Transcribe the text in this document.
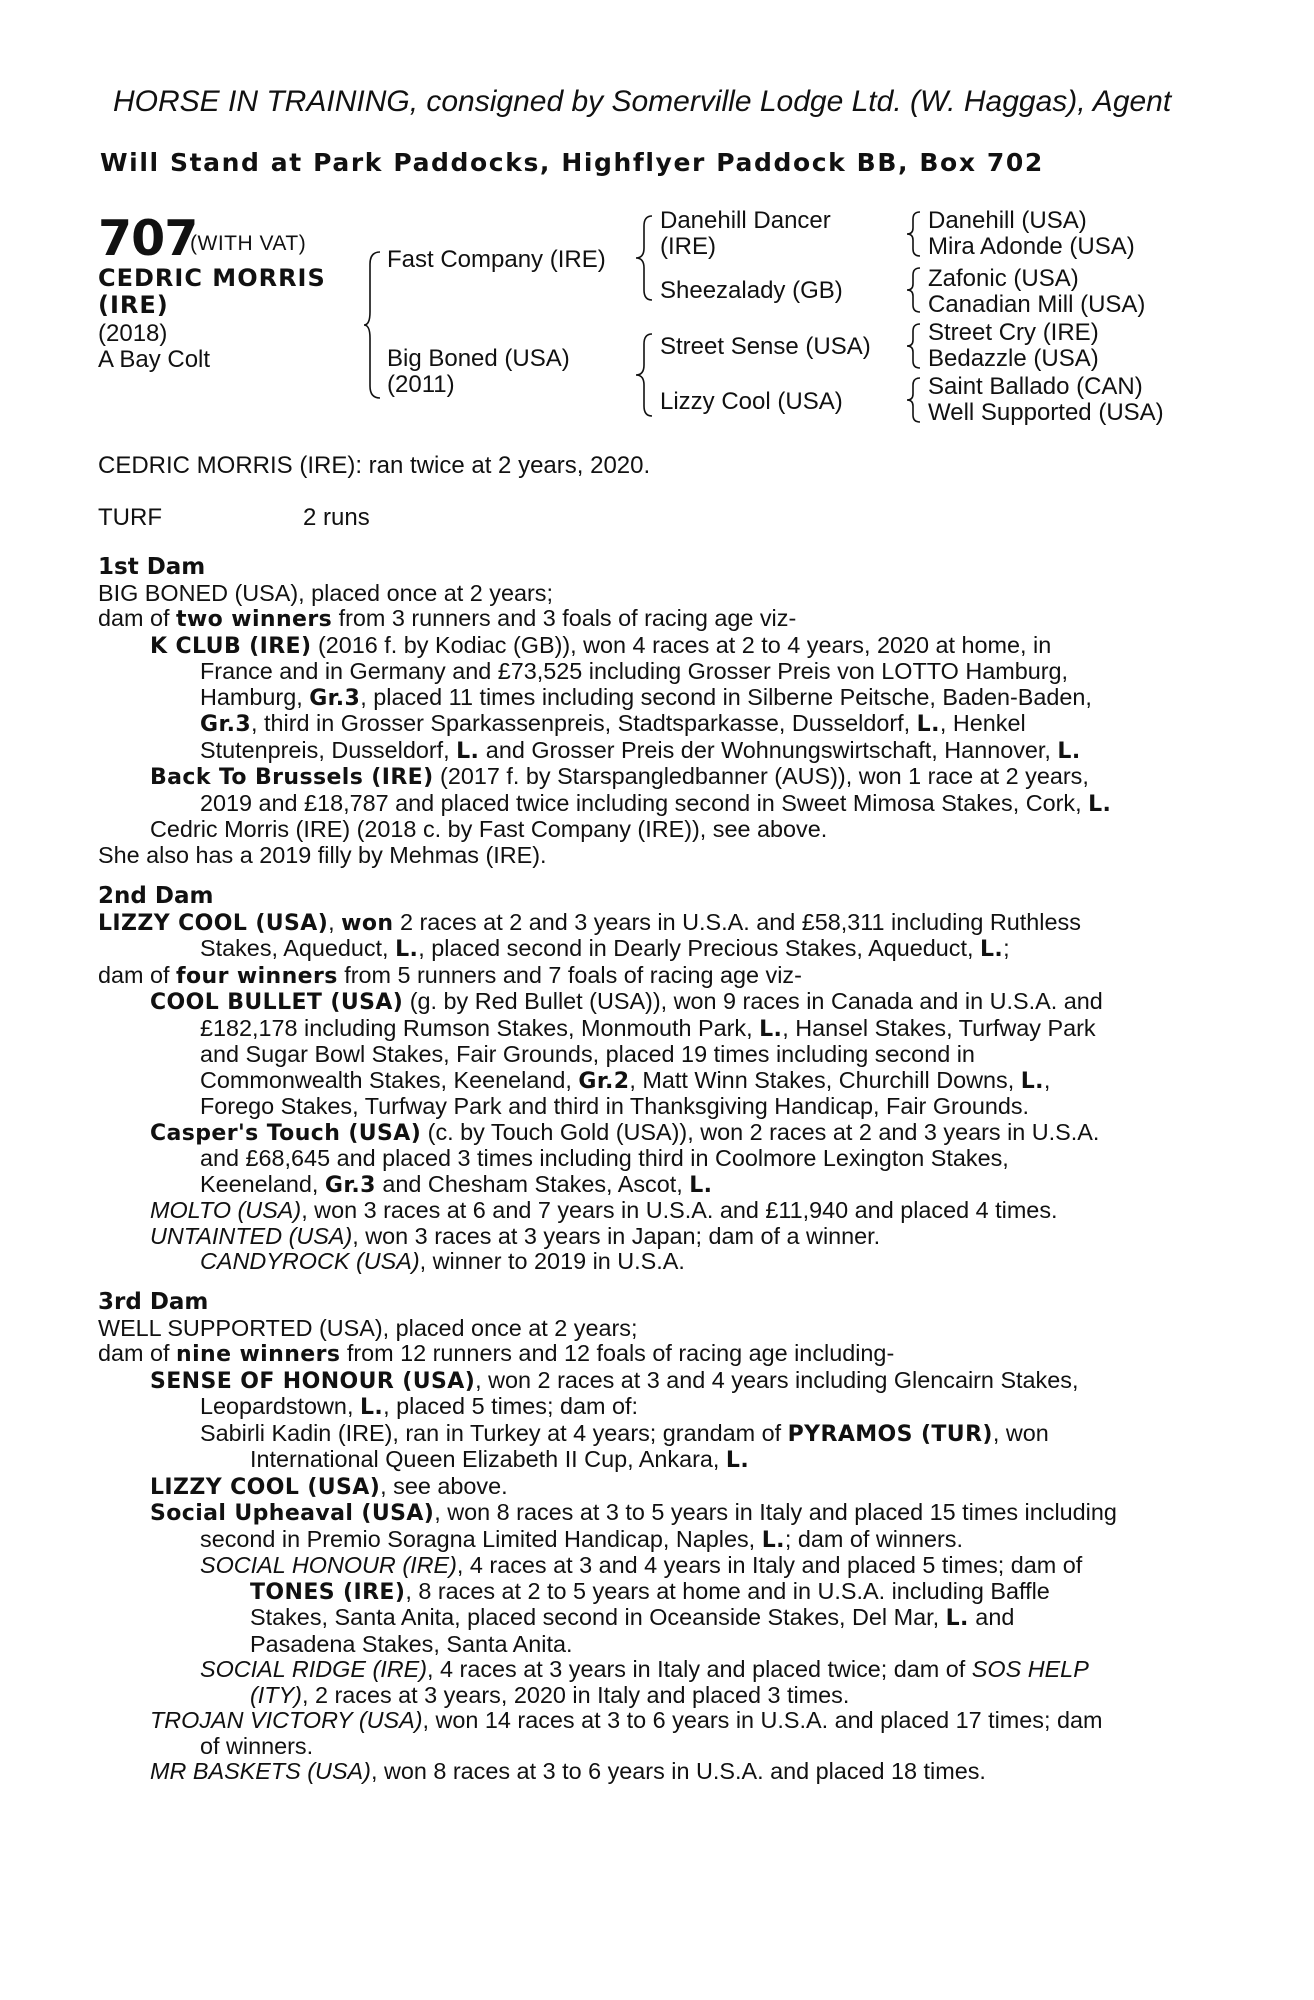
HORSE IN TRAINING, consigned by Somerville Lodge Ltd. (W. Haggas), Agent
Will Stand at Park Paddocks, Highflyer Paddock BB, Box 702
707
(WITH VAT)
CEDRIC MORRIS
(IRE)
(2018)
A Bay Colt
Fast Company (IRE)
Big Boned (USA)
(2011)
Danehill Dancer
(IRE)
Sheezalady (GB)
Street Sense (USA)
Lizzy Cool (USA)
Danehill (USA)
Mira Adonde (USA)
Zafonic (USA)
Canadian Mill (USA)
Street Cry (IRE)
Bedazzle (USA)
Saint Ballado (CAN)
Well Supported (USA)
CEDRIC MORRIS (IRE): ran twice at 2 years, 2020.
TURF	2 runs
1st Dam
BIG BONED (USA), placed once at 2 years;
dam of two winners from 3 runners and 3 foals of racing age viz-
K CLUB (IRE) (2016 f. by Kodiac (GB)), won 4 races at 2 to 4 years, 2020 at home, in
France and in Germany and £73,525 including Grosser Preis von LOTTO Hamburg,
Hamburg, Gr.3, placed 11 times including second in Silberne Peitsche, Baden-Baden,
Gr.3, third in Grosser Sparkassenpreis, Stadtsparkasse, Dusseldorf, L., Henkel
Stutenpreis, Dusseldorf, L. and Grosser Preis der Wohnungswirtschaft, Hannover, L.
Back To Brussels (IRE) (2017 f. by Starspangledbanner (AUS)), won 1 race at 2 years,
2019 and £18,787 and placed twice including second in Sweet Mimosa Stakes, Cork, L.
Cedric Morris (IRE) (2018 c. by Fast Company (IRE)), see above.
She also has a 2019 filly by Mehmas (IRE).
2nd Dam
LIZZY COOL (USA), won 2 races at 2 and 3 years in U.S.A. and £58,311 including Ruthless
Stakes, Aqueduct, L., placed second in Dearly Precious Stakes, Aqueduct, L.;
dam of four winners from 5 runners and 7 foals of racing age viz-
COOL BULLET (USA) (g. by Red Bullet (USA)), won 9 races in Canada and in U.S.A. and
£182,178 including Rumson Stakes, Monmouth Park, L., Hansel Stakes, Turfway Park
and Sugar Bowl Stakes, Fair Grounds, placed 19 times including second in
Commonwealth Stakes, Keeneland, Gr.2, Matt Winn Stakes, Churchill Downs, L.,
Forego Stakes, Turfway Park and third in Thanksgiving Handicap, Fair Grounds.
Casper's Touch (USA) (c. by Touch Gold (USA)), won 2 races at 2 and 3 years in U.S.A.
and £68,645 and placed 3 times including third in Coolmore Lexington Stakes,
Keeneland, Gr.3 and Chesham Stakes, Ascot, L.
MOLTO (USA), won 3 races at 6 and 7 years in U.S.A. and £11,940 and placed 4 times.
UNTAINTED (USA), won 3 races at 3 years in Japan; dam of a winner.
CANDYROCK (USA), winner to 2019 in U.S.A.
3rd Dam
WELL SUPPORTED (USA), placed once at 2 years;
dam of nine winners from 12 runners and 12 foals of racing age including-
SENSE OF HONOUR (USA), won 2 races at 3 and 4 years including Glencairn Stakes,
Leopardstown, L., placed 5 times; dam of:
Sabirli Kadin (IRE), ran in Turkey at 4 years; grandam of PYRAMOS (TUR), won
International Queen Elizabeth II Cup, Ankara, L.
LIZZY COOL (USA), see above.
Social Upheaval (USA), won 8 races at 3 to 5 years in Italy and placed 15 times including
second in Premio Soragna Limited Handicap, Naples, L.; dam of winners.
SOCIAL HONOUR (IRE), 4 races at 3 and 4 years in Italy and placed 5 times; dam of
TONES (IRE), 8 races at 2 to 5 years at home and in U.S.A. including Baffle
Stakes, Santa Anita, placed second in Oceanside Stakes, Del Mar, L. and
Pasadena Stakes, Santa Anita.
SOCIAL RIDGE (IRE), 4 races at 3 years in Italy and placed twice; dam of SOS HELP
(ITY), 2 races at 3 years, 2020 in Italy and placed 3 times.
TROJAN VICTORY (USA), won 14 races at 3 to 6 years in U.S.A. and placed 17 times; dam
of winners.
MR BASKETS (USA), won 8 races at 3 to 6 years in U.S.A. and placed 18 times.
